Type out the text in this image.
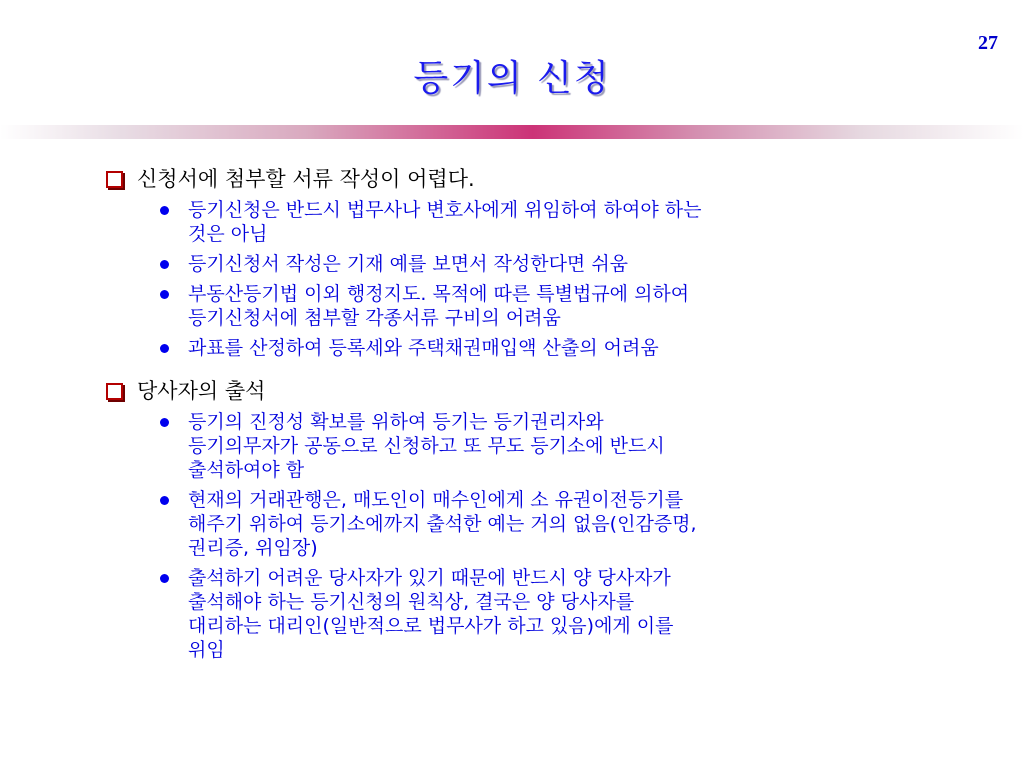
27
등기의 신청
신청서에 첨부할 서류 작성이 어렵다.
등기신청은 반드시 법무사나 변호사에게 위임하여 하여야 하는
것은 아님
등기신청서 작성은 기재 예를 보면서 작성한다면 쉬움
부동산등기법 이외 행정지도. 목적에 따른 특별법규에 의하여
등기신청서에 첨부할 각종서류 구비의 어려움
과표를 산정하여 등록세와 주택채권매입액 산출의 어려움
당사자의 출석
등기의 진정성 확보를 위하여 등기는 등기권리자와
등기의무자가 공동으로 신청하고 또 무도 등기소에 반드시
출석하여야 함
현재의 거래관행은, 매도인이 매수인에게 소 유권이전등기를
해주기 위하여 등기소에까지 출석한 예는 거의 없음(인감증명,
권리증, 위임장)
출석하기 어려운 당사자가 있기 때문에 반드시 양 당사자가
출석해야 하는 등기신청의 원칙상, 결국은 양 당사자를
대리하는 대리인(일반적으로 법무사가 하고 있음)에게 이를
위임
